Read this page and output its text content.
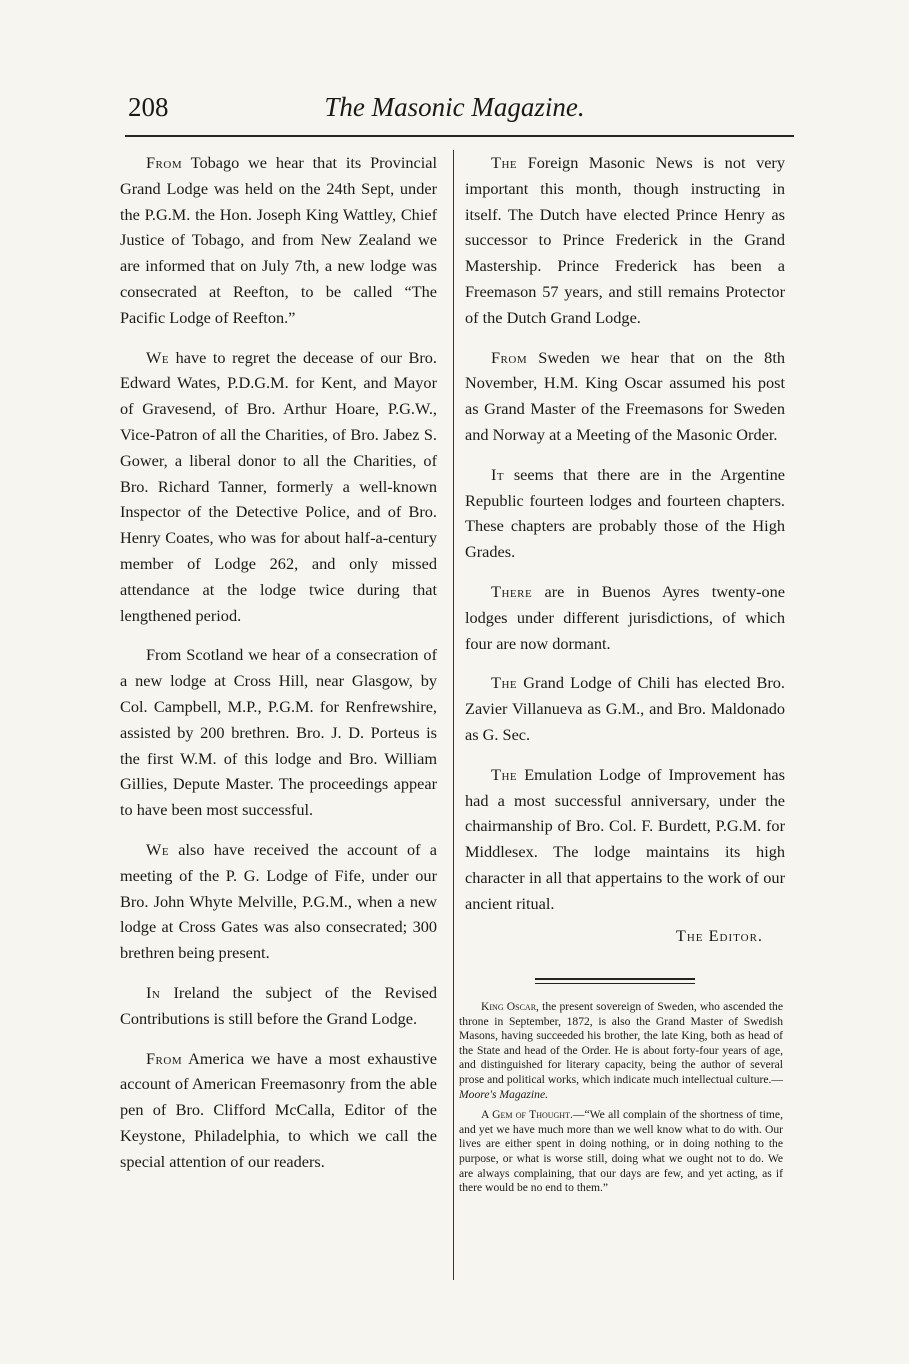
208	The Masonic Magazine.

From Tobago we hear that its Provincial Grand Lodge was held on the 24th Sept, under the P.G.M. the Hon. Joseph King Wattley, Chief Justice of Tobago, and from New Zealand we are informed that on July 7th, a new lodge was consecrated at Reefton, to be called “The Pacific Lodge of Reefton.”

We have to regret the decease of our Bro. Edward Wates, P.D.G.M. for Kent, and Mayor of Gravesend, of Bro. Arthur Hoare, P.G.W., Vice-Patron of all the Charities, of Bro. Jabez S. Gower, a liberal donor to all the Charities, of Bro. Richard Tanner, formerly a well-known Inspector of the Detective Police, and of Bro. Henry Coates, who was for about half-a-century member of Lodge 262, and only missed attendance at the lodge twice during that lengthened period.

From Scotland we hear of a consecration of a new lodge at Cross Hill, near Glasgow, by Col. Campbell, M.P., P.G.M. for Renfrewshire, assisted by 200 brethren. Bro. J. D. Porteus is the first W.M. of this lodge and Bro. William Gillies, Depute Master. The proceedings appear to have been most successful.

We also have received the account of a meeting of the P. G. Lodge of Fife, under our Bro. John Whyte Melville, P.G.M., when a new lodge at Cross Gates was also consecrated; 300 brethren being present.

In Ireland the subject of the Revised Contributions is still before the Grand Lodge.

From America we have a most exhaustive account of American Freemasonry from the able pen of Bro. Clifford McCalla, Editor of the Keystone, Philadelphia, to which we call the special attention of our readers.

The Foreign Masonic News is not very important this month, though instructing in itself. The Dutch have elected Prince Henry as successor to Prince Frederick in the Grand Mastership. Prince Frederick has been a Freemason 57 years, and still remains Protector of the Dutch Grand Lodge.

From Sweden we hear that on the 8th November, H.M. King Oscar assumed his post as Grand Master of the Freemasons for Sweden and Norway at a Meeting of the Masonic Order.

It seems that there are in the Argentine Republic fourteen lodges and fourteen chapters. These chapters are probably those of the High Grades.

There are in Buenos Ayres twenty-one lodges under different jurisdictions, of which four are now dormant.

The Grand Lodge of Chili has elected Bro. Zavier Villanueva as G.M., and Bro. Maldonado as G. Sec.

The Emulation Lodge of Improvement has had a most successful anniversary, under the chairmanship of Bro. Col. F. Burdett, P.G.M. for Middlesex. The lodge maintains its high character in all that appertains to the work of our ancient ritual.

The Editor.

King Oscar, the present sovereign of Sweden, who ascended the throne in September, 1872, is also the Grand Master of Swedish Masons, having succeeded his brother, the late King, both as head of the State and head of the Order. He is about forty-four years of age, and distinguished for literary capacity, being the author of several prose and political works, which indicate much intellectual culture.—Moore's Magazine.

A Gem of Thought.—“We all complain of the shortness of time, and yet we have much more than we well know what to do with. Our lives are either spent in doing nothing, or in doing nothing to the purpose, or what is worse still, doing what we ought not to do. We are always complaining, that our days are few, and yet acting, as if there would be no end to them.”
